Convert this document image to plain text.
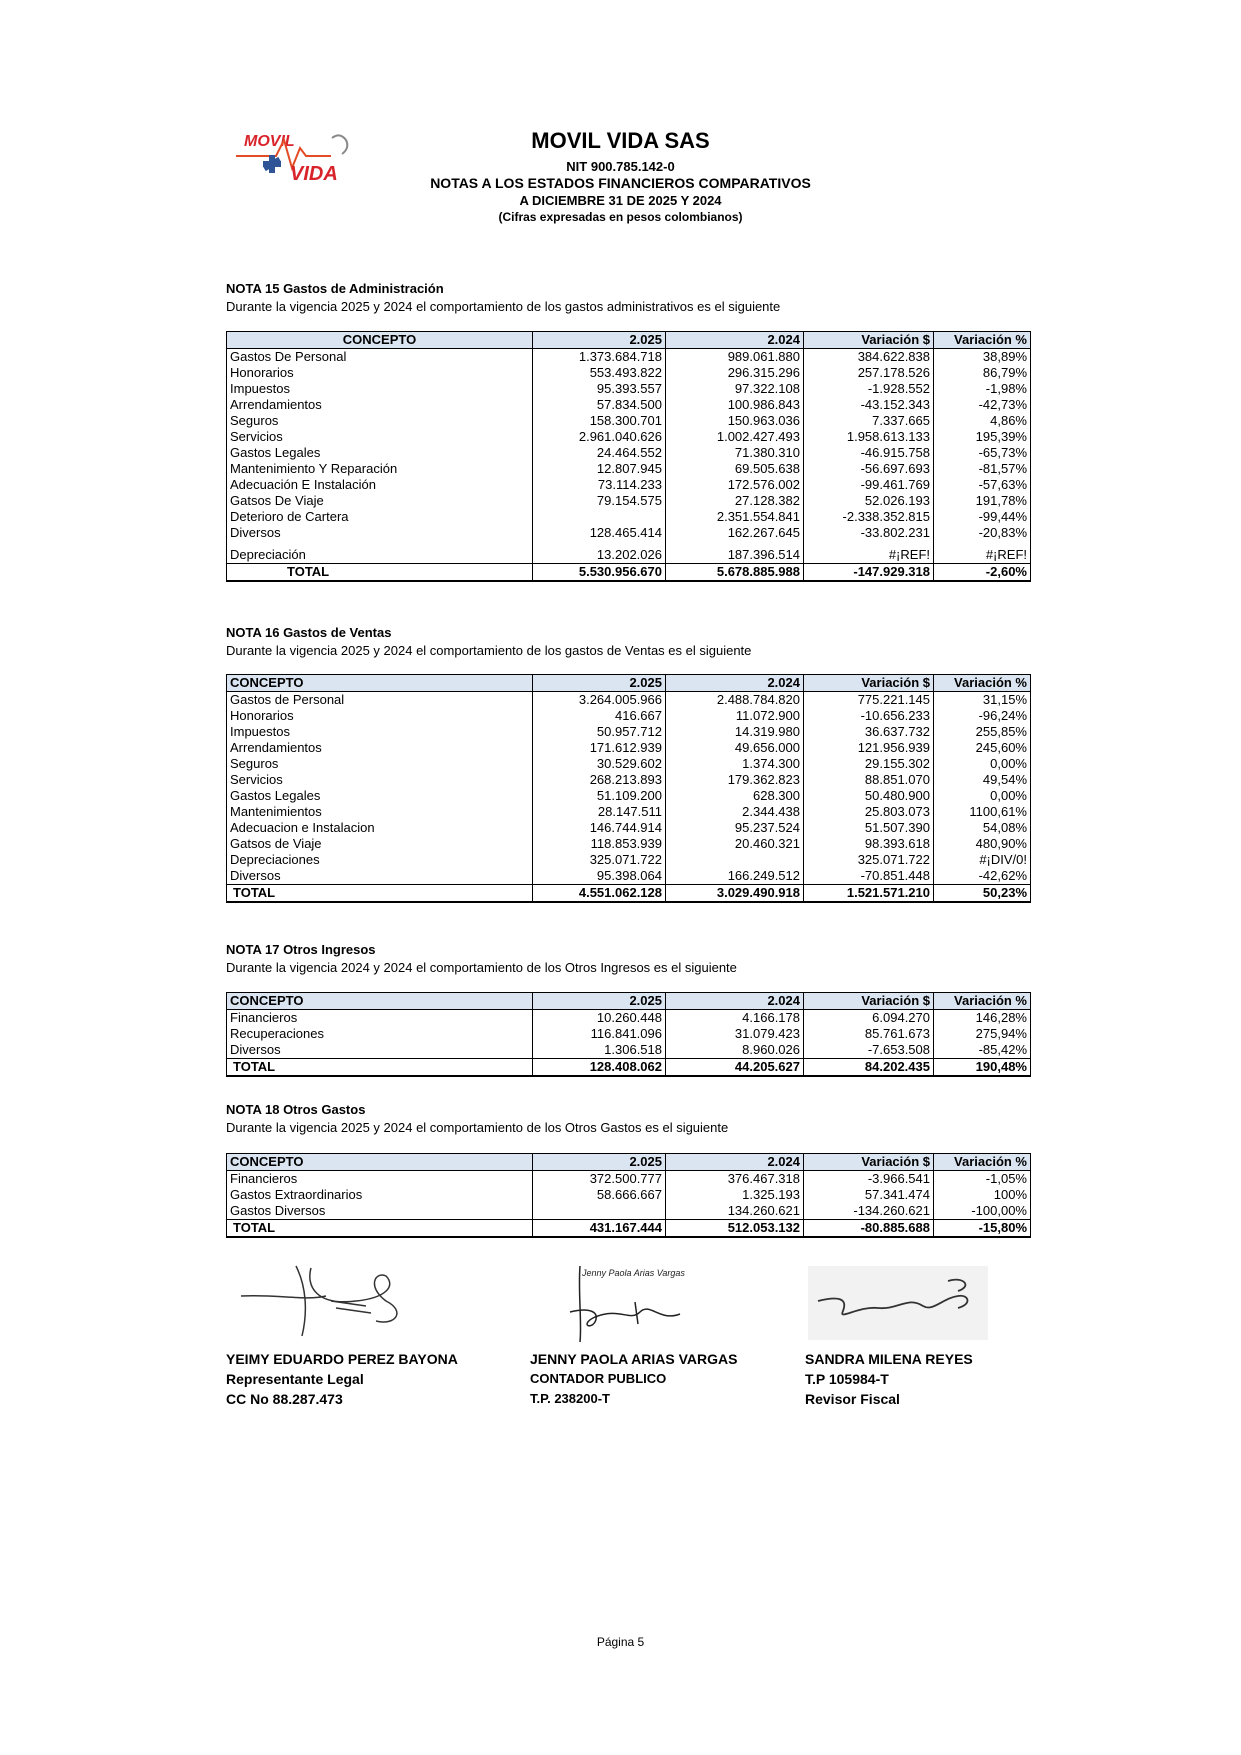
MOVIL
VIDA
MOVIL VIDA SAS
NIT 900.785.142-0
NOTAS A LOS ESTADOS FINANCIEROS COMPARATIVOS
A DICIEMBRE 31 DE 2025 Y 2024
(Cifras expresadas en pesos colombianos)

NOTA 15 Gastos de Administración

Durante la vigencia 2025 y 2024 el comportamiento de los gastos administrativos es el siguiente

CONCEPTO	2.025	2.024	Variación $	Variación %
Gastos De Personal	1.373.684.718	989.061.880	384.622.838	38,89%
Honorarios	553.493.822	296.315.296	257.178.526	86,79%
Impuestos	95.393.557	97.322.108	-1.928.552	-1,98%
Arrendamientos	57.834.500	100.986.843	-43.152.343	-42,73%
Seguros	158.300.701	150.963.036	7.337.665	4,86%
Servicios	2.961.040.626	1.002.427.493	1.958.613.133	195,39%
Gastos Legales	24.464.552	71.380.310	-46.915.758	-65,73%
Mantenimiento Y Reparación	12.807.945	69.505.638	-56.697.693	-81,57%
Adecuación E Instalación	73.114.233	172.576.002	-99.461.769	-57,63%
Gatsos De Viaje	79.154.575	27.128.382	52.026.193	191,78%
Deterioro de Cartera		2.351.554.841	-2.338.352.815	-99,44%
Diversos	128.465.414	162.267.645	-33.802.231	-20,83%
Depreciación	13.202.026	187.396.514	#¡REF!	#¡REF!
TOTAL	5.530.956.670	5.678.885.988	-147.929.318	-2,60%

NOTA 16 Gastos de Ventas

Durante la vigencia 2025 y 2024 el comportamiento de los gastos de Ventas es el siguiente

CONCEPTO	2.025	2.024	Variación $	Variación %
Gastos de Personal	3.264.005.966	2.488.784.820	775.221.145	31,15%
Honorarios	416.667	11.072.900	-10.656.233	-96,24%
Impuestos	50.957.712	14.319.980	36.637.732	255,85%
Arrendamientos	171.612.939	49.656.000	121.956.939	245,60%
Seguros	30.529.602	1.374.300	29.155.302	0,00%
Servicios	268.213.893	179.362.823	88.851.070	49,54%
Gastos Legales	51.109.200	628.300	50.480.900	0,00%
Mantenimientos	28.147.511	2.344.438	25.803.073	1100,61%
Adecuacion e Instalacion	146.744.914	95.237.524	51.507.390	54,08%
Gatsos de Viaje	118.853.939	20.460.321	98.393.618	480,90%
Depreciaciones	325.071.722		325.071.722	#¡DIV/0!
Diversos	95.398.064	166.249.512	-70.851.448	-42,62%
TOTAL	4.551.062.128	3.029.490.918	1.521.571.210	50,23%

NOTA 17 Otros Ingresos

Durante la vigencia 2024 y 2024 el comportamiento de los Otros Ingresos es el siguiente

CONCEPTO	2.025	2.024	Variación $	Variación %
Financieros	10.260.448	4.166.178	6.094.270	146,28%
Recuperaciones	116.841.096	31.079.423	85.761.673	275,94%
Diversos	1.306.518	8.960.026	-7.653.508	-85,42%
TOTAL	128.408.062	44.205.627	84.202.435	190,48%

NOTA 18 Otros Gastos

Durante la vigencia 2025 y 2024 el comportamiento de los Otros Gastos es el siguiente

CONCEPTO	2.025	2.024	Variación $	Variación %
Financieros	372.500.777	376.467.318	-3.966.541	-1,05%
Gastos Extraordinarios	58.666.667	1.325.193	57.341.474	100%
Gastos Diversos		134.260.621	-134.260.621	-100,00%
TOTAL	431.167.444	512.053.132	-80.885.688	-15,80%
Jenny Paola Arias Vargas
YEIMY EDUARDO PEREZ BAYONA
Representante Legal
CC No 88.287.473
JENNY PAOLA ARIAS VARGAS
CONTADOR PUBLICO
T.P. 238200-T
SANDRA MILENA REYES
T.P 105984-T
Revisor Fiscal
Página 5
